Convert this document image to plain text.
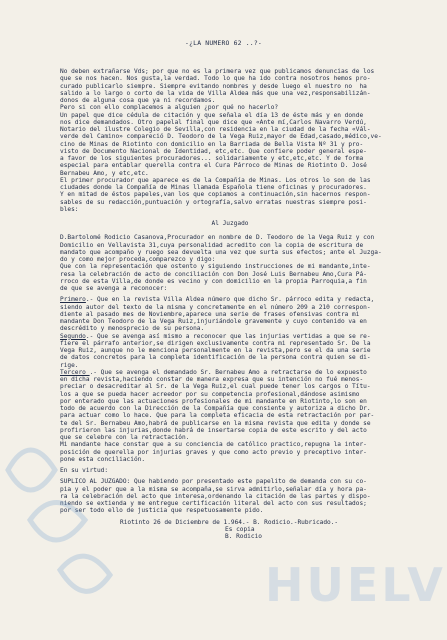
-¿LA NUMERO 62 ..?-
No deben extrañarse Vds; por que no es la primera vez que publicamos denuncias de los
que se nos hacen. Nos gusta,la verdad. Todo lo que ha ido contra nosotros hemos pro-
curado publicarlo siempre. Siempre evitando nombres y desde luego el nuestro no  ha
salido a lo largo o corto de la vida de Villa Aldea más que una vez,responsabilizán-
donos de alguna cosa que ya ni recordamos.
Pero si con ello complacemos a alguien ¿por qué no hacerlo?
Un papel que dice cédula de citación y que señala el día 13 de éste más y en donde
nos dice demandados. Otro papelal final que dice que «Ante mí,Carlos Navarro Verdú,
Notario del ilustre Colegio de Sevilla,con residencia en la ciudad de la fecha «Vál-
verde del Camino» compareció D. Teodoro de la Vega Ruiz,mayor de Edad,casado,médico,ve-
cino de Minas de Riotinto con domicilio en la Barriada de Bella Vista Nº 31 y pro-
visto de Documento Nacional de Identidad, etc,etc. Que confiere poder general espe-
a favor de los siguientes procuradores... solidariamente y etc,etc,etc. Y de forma
especial para entablar querella contra el Cura Párroco de Minas de Riotinto D. José
Bernabeu Amo, y etc,etc.
El primer procurador que aparece es de la Compañía de Minas. Los otros lo son de las
ciudades donde la Compañía de Minas llamada Española tiene oficinas y procuradores.
Y en mitad de éstos papeles,van los que copiamos a continuación,sin hacernos respon-
sables de su redacción,puntuación y ortografía,salvo erratas nuestras siempre posi-
bles:
Al Juzgado
D.Bartolomé Rodicio Casanova,Procurador en nombre de D. Teodoro de la Vega Ruiz y con
Domicilio en Vellavista 31,cuya personalidad acredito con la copia de escritura de
mandato que acompaño y ruego sea devuelta una vez que surta sus efectos; ante el Juzga-
do y como mejor proceda,comparezco y digo:
Que con la representación que ostento y siguiendo instrucciones de mi mandante,inte-
resa la celebración de acto de conciliación con Don José Luis Bernabeu Amo,Cura Pá-
rroco de esta Villa,de donde es vecino y con domicilio en la propia Parroquia,a fin
de que se avenga a reconocer:
Primero.- Que en la revista Villa Aldea número que dicho Sr. párroco edita y redacta,
siendo autor del texto de la misma y concretamente en el número 209 a 210 correspon-
diente al pasado mes de Noviembre,aparece una serie de frases ofensivas contra mi
mandante Don Teodoro de la Vega Ruiz,injuriándole gravemente y cuyo contenido va en
descrédito y menosprecio de su persona.
Segundo.- Que se avenga así mismo a reconocer que las injurias vertidas a que se re-
fiere el párrafo anterior,se dirigen exclusivamente contra mi representado Sr. De la
Vega Ruiz, aunque no le menciona personalmente en la revista,pero se el da una serie
de datos concretos para la completa identificación de la persona contra quien se di-
rige.
Tercero .- Que se avenga el demandado Sr. Bernabeu Amo a retractarse de lo expuesto
en dicha revista,haciendo constar de manera expresa que su intención no fué menos-
preciar o desacreditar al Sr. de la Vega Ruiz,el cual puede tener los cargos o Títu-
los a que se pueda hacer acreedor por su competencia profesional,dándose asimismo
por enterado que las actuaciones profesionales de mi mandante en Riotinto,lo son en
todo de acuerdo con la Dirección de la Compañía que consiente y autoriza a dicho Dr.
para actuar como lo hace. Que para la completa eficacia de esta retractación por par-
te del Sr. Bernabeu Amo,habrá de publicarse en la misma revista que edita y donde se
profirieron las injurias,donde habrá de insertarse copia de este escrito y del acto
que se celebre con la retractación.
Mi mandante hace constar que a su conciencia de católico practico,repugna la inter-
posición de querella por injurias graves y que como acto previo y preceptivo inter-
pone esta conciliación.
En su virtud:
SUPLICO AL JUZGADO: Que habiendo por presentado este papelito de demanda con su co-
pia y el poder que a la misma se acompaña,se sirva admitirlo,señalar día y hora pa-
ra la celebración del acto que interesa,ordenando la citación de las partes y dispo-
niendo se extienda y me entregue certificación literal del acto con sus resultados;
por ser todo ello de justicia que respetuosamente pido.
Riotinto 26 de Diciembre de 1.964.- B. Rodicio.-Rubricado.-
Es copia
B. Rodicio
HUELV
